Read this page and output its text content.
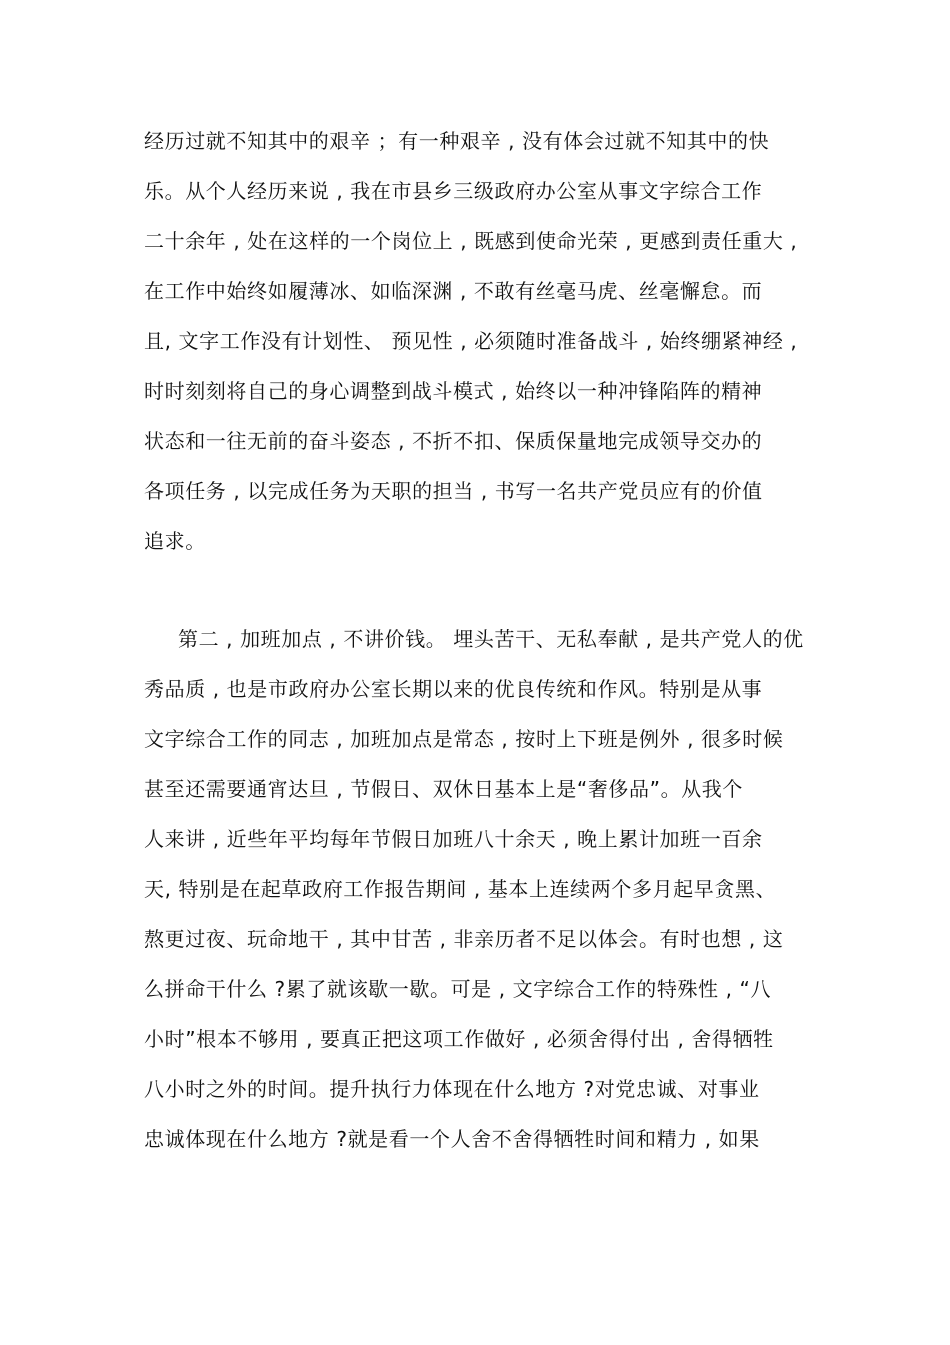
经历过就不知其中的艰辛 ；有一种艰辛 , 没有体会过就不知其中的快
乐。从个人经历来说 , 我在市县乡三级政府办公室从事文字综合工作
二十余年 , 处在这样的一个岗位上 , 既感到使命光荣 , 更感到责任重大 ,
在工作中始终如履薄冰、如临深渊 , 不敢有丝毫马虎、丝毫懈怠。而
且, 文字工作没有计划性、 预见性 , 必须随时准备战斗 , 始终绷紧神经 ,
时时刻刻将自己的身心调整到战斗模式 , 始终以一种冲锋陷阵的精神
状态和一往无前的奋斗姿态 , 不折不扣、保质保量地完成领导交办的
各项任务 , 以完成任务为天职的担当 , 书写一名共产党员应有的价值
追求。
第二 , 加班加点 , 不讲价钱。 埋头苦干、无私奉献 , 是共产党人的优
秀品质 , 也是市政府办公室长期以来的优良传统和作风。特别是从事
文字综合工作的同志 , 加班加点是常态 , 按时上下班是例外 , 很多时候
甚至还需要通宵达旦 , 节假日、双休日基本上是“奢侈品”。从我个
人来讲 , 近些年平均每年节假日加班八十余天 , 晚上累计加班一百余
天, 特别是在起草政府工作报告期间 , 基本上连续两个多月起早贪黑、
熬更过夜、玩命地干 , 其中甘苦 , 非亲历者不足以体会。有时也想 , 这
么拼命干什么 ?累了就该歇一歇。可是 , 文字综合工作的特殊性 , “八
小时”根本不够用 , 要真正把这项工作做好 , 必须舍得付出 , 舍得牺牲
八小时之外的时间。提升执行力体现在什么地方 ?对党忠诚、对事业
忠诚体现在什么地方 ?就是看一个人舍不舍得牺牲时间和精力 , 如果
